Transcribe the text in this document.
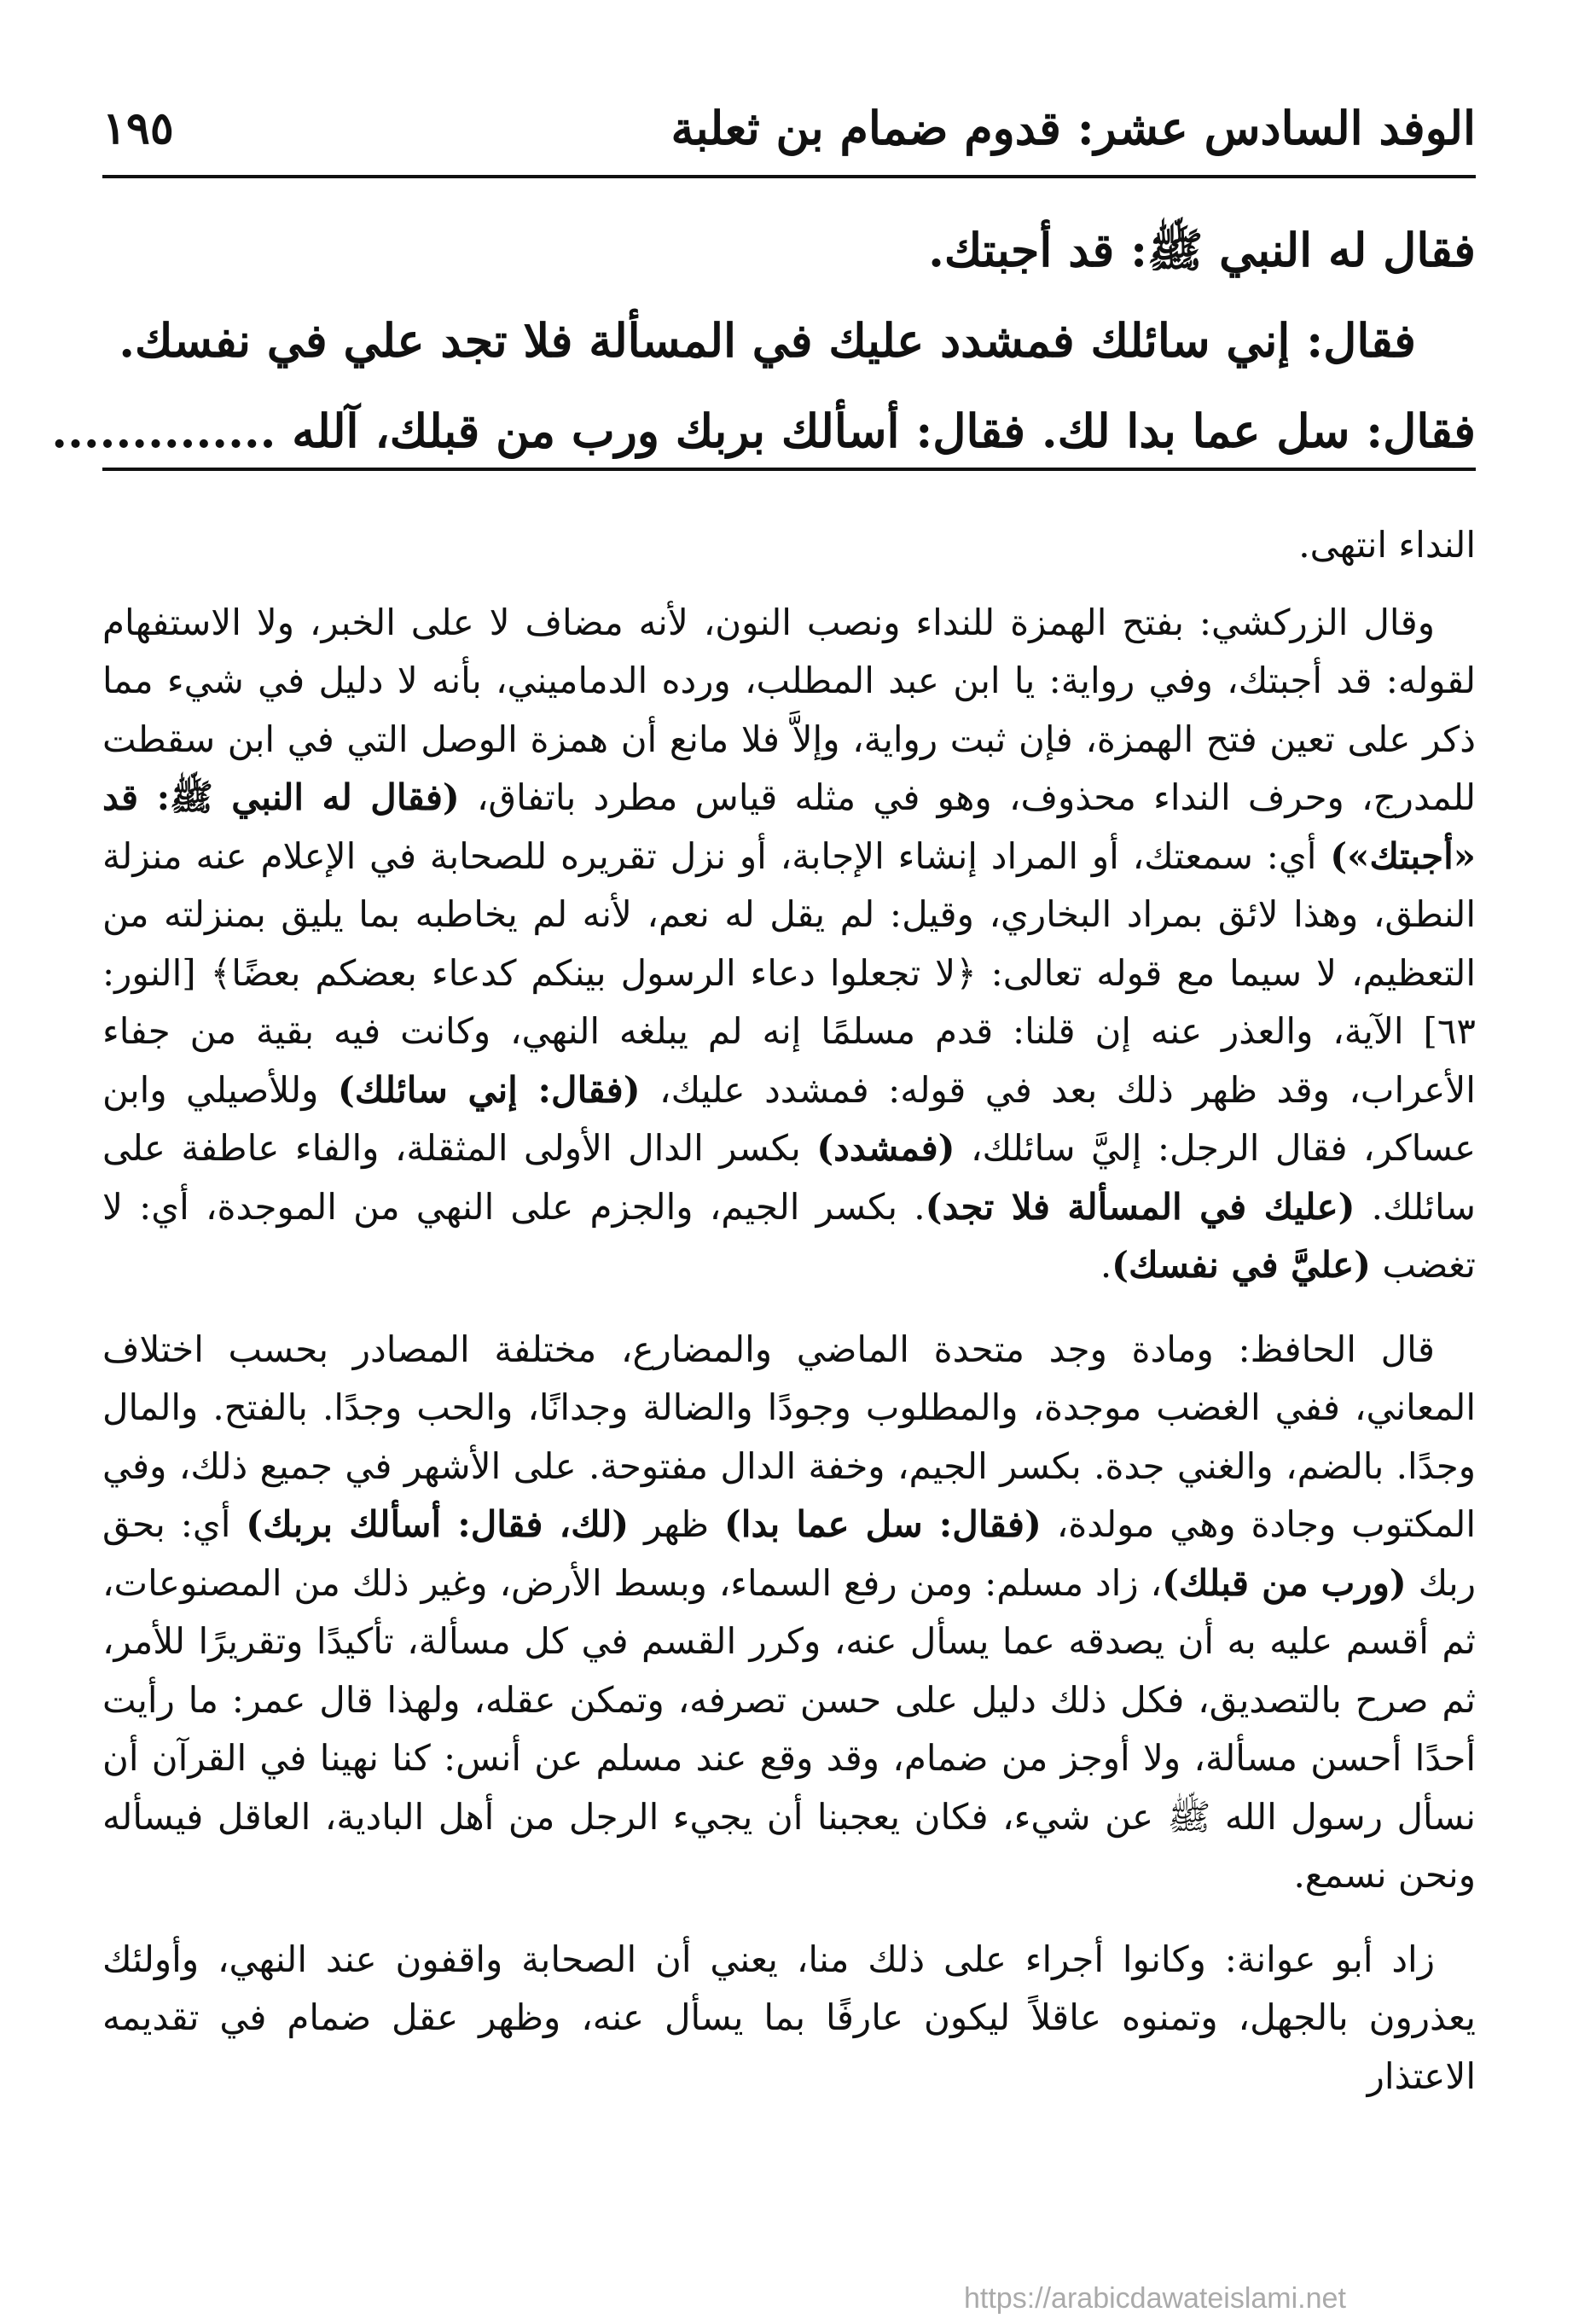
الوفد السادس عشر: قدوم ضمام بن ثعلبة
١٩٥

فقال له النبي ﷺ: قد أجبتك.

فقال: إني سائلك فمشدد عليك في المسألة فلا تجد علي في نفسك.

فقال: سل عما بدا لك. فقال: أسألك بربك ورب من قبلك، آلله ..............

النداء انتهى.

وقال الزركشي: بفتح الهمزة للنداء ونصب النون، لأنه مضاف لا على الخبر، ولا الاستفهام لقوله: قد أجبتك، وفي رواية: يا ابن عبد المطلب، ورده الدماميني، بأنه لا دليل في شيء مما ذكر على تعين فتح الهمزة، فإن ثبت رواية، وإلاَّ فلا مانع أن همزة الوصل التي في ابن سقطت للمدرج، وحرف النداء محذوف، وهو في مثله قياس مطرد باتفاق، (فقال له النبي ﷺ: قد «أجبتك») أي: سمعتك، أو المراد إنشاء الإجابة، أو نزل تقريره للصحابة في الإعلام عنه منزلة النطق، وهذا لائق بمراد البخاري، وقيل: لم يقل له نعم، لأنه لم يخاطبه بما يليق بمنزلته من التعظيم، لا سيما مع قوله تعالى: ﴿لا تجعلوا دعاء الرسول بينكم كدعاء بعضكم بعضًا﴾ [النور: ٦٣] الآية، والعذر عنه إن قلنا: قدم مسلمًا إنه لم يبلغه النهي، وكانت فيه بقية من جفاء الأعراب، وقد ظهر ذلك بعد في قوله: فمشدد عليك، (فقال: إني سائلك) وللأصيلي وابن عساكر، فقال الرجل: إليَّ سائلك، (فمشدد) بكسر الدال الأولى المثقلة، والفاء عاطفة على سائلك. (عليك في المسألة فلا تجد). بكسر الجيم، والجزم على النهي من الموجدة، أي: لا تغضب (عليَّ في نفسك).

قال الحافظ: ومادة وجد متحدة الماضي والمضارع، مختلفة المصادر بحسب اختلاف المعاني، ففي الغضب موجدة، والمطلوب وجودًا والضالة وجدانًا، والحب وجدًا. بالفتح. والمال وجدًا. بالضم، والغني جدة. بكسر الجيم، وخفة الدال مفتوحة. على الأشهر في جميع ذلك، وفي المكتوب وجادة وهي مولدة، (فقال: سل عما بدا) ظهر (لك، فقال: أسألك بربك) أي: بحق ربك (ورب من قبلك)، زاد مسلم: ومن رفع السماء، وبسط الأرض، وغير ذلك من المصنوعات، ثم أقسم عليه به أن يصدقه عما يسأل عنه، وكرر القسم في كل مسألة، تأكيدًا وتقريرًا للأمر، ثم صرح بالتصديق، فكل ذلك دليل على حسن تصرفه، وتمكن عقله، ولهذا قال عمر: ما رأيت أحدًا أحسن مسألة، ولا أوجز من ضمام، وقد وقع عند مسلم عن أنس: كنا نهينا في القرآن أن نسأل رسول الله ﷺ عن شيء، فكان يعجبنا أن يجيء الرجل من أهل البادية، العاقل فيسأله ونحن نسمع.

زاد أبو عوانة: وكانوا أجراء على ذلك منا، يعني أن الصحابة واقفون عند النهي، وأولئك يعذرون بالجهل، وتمنوه عاقلاً ليكون عارفًا بما يسأل عنه، وظهر عقل ضمام في تقديمه الاعتذار

https://arabicdawateislami.net
